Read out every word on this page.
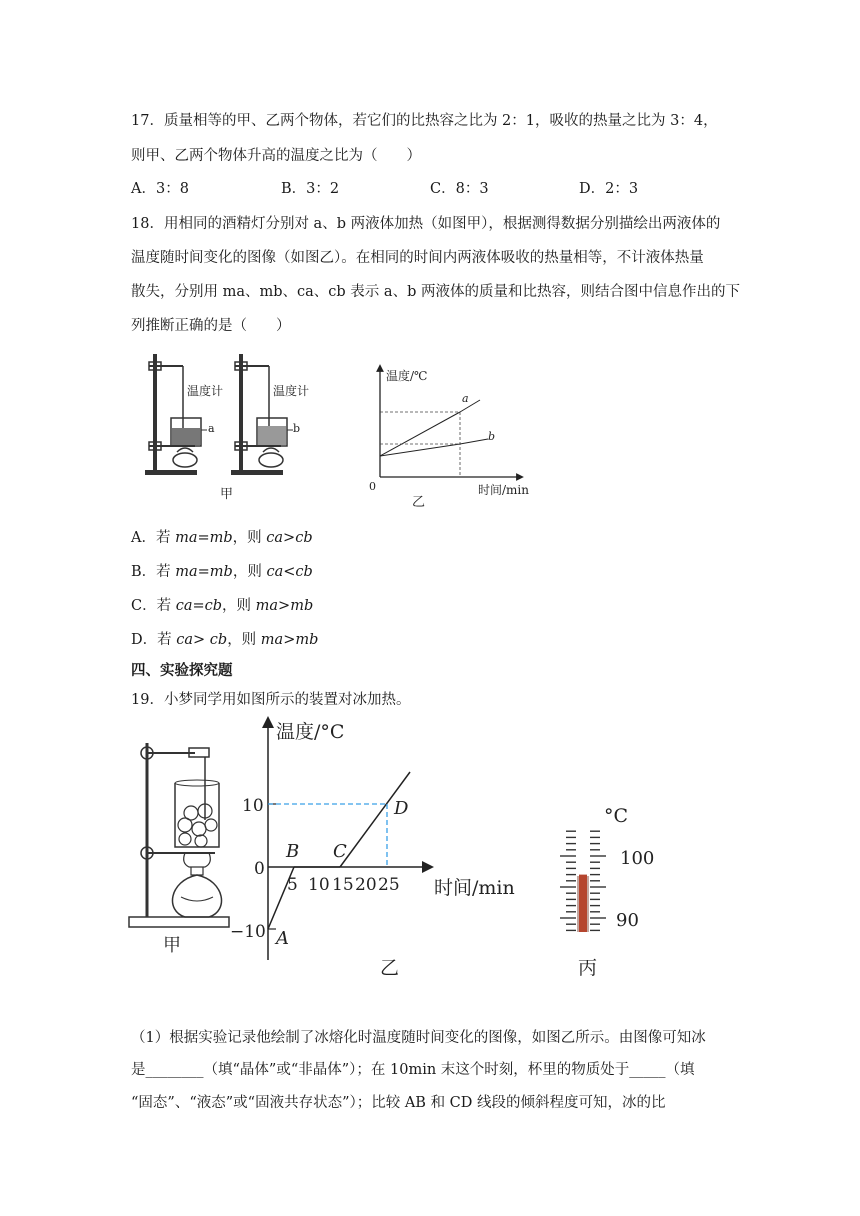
17．质量相等的甲、乙两个物体，若它们的比热容之比为 2：1，吸收的热量之比为 3：4，
则甲、乙两个物体升高的温度之比为（　　）
A．3：8	B．3：2	C．8：3	D．2：3
18．用相同的酒精灯分别对 a、b 两液体加热（如图甲），根据测得数据分别描绘出两液体的
温度随时间变化的图像（如图乙）。在相同的时间内两液体吸收的热量相等，不计液体热量
散失，分别用 ma、mb、ca、cb 表示 a、b 两液体的质量和比热容，则结合图中信息作出的下
列推断正确的是（　　）
温度计
a
温度计
b
甲
温度/℃
时间/min
0
a
b
乙
A．若 ma=mb，则 ca>cb
B．若 ma=mb，则 ca<cb
C．若 ca=cb，则 ma>mb
D．若 ca> cb，则 ma>mb
四、实验探究题
19．小梦同学用如图所示的装置对冰加热。
甲
温度/°C
时间/min
10
0
−10
5 10 15 20 25
A
B C
D
乙
°C
100
90
丙
（1）根据实验记录他绘制了冰熔化时温度随时间变化的图像，如图乙所示。由图像可知冰
是________（填“晶体”或“非晶体”）；在 10min 末这个时刻，杯里的物质处于_____（填
“固态”、“液态”或“固液共存状态”）；比较 AB 和 CD 线段的倾斜程度可知，冰的比
